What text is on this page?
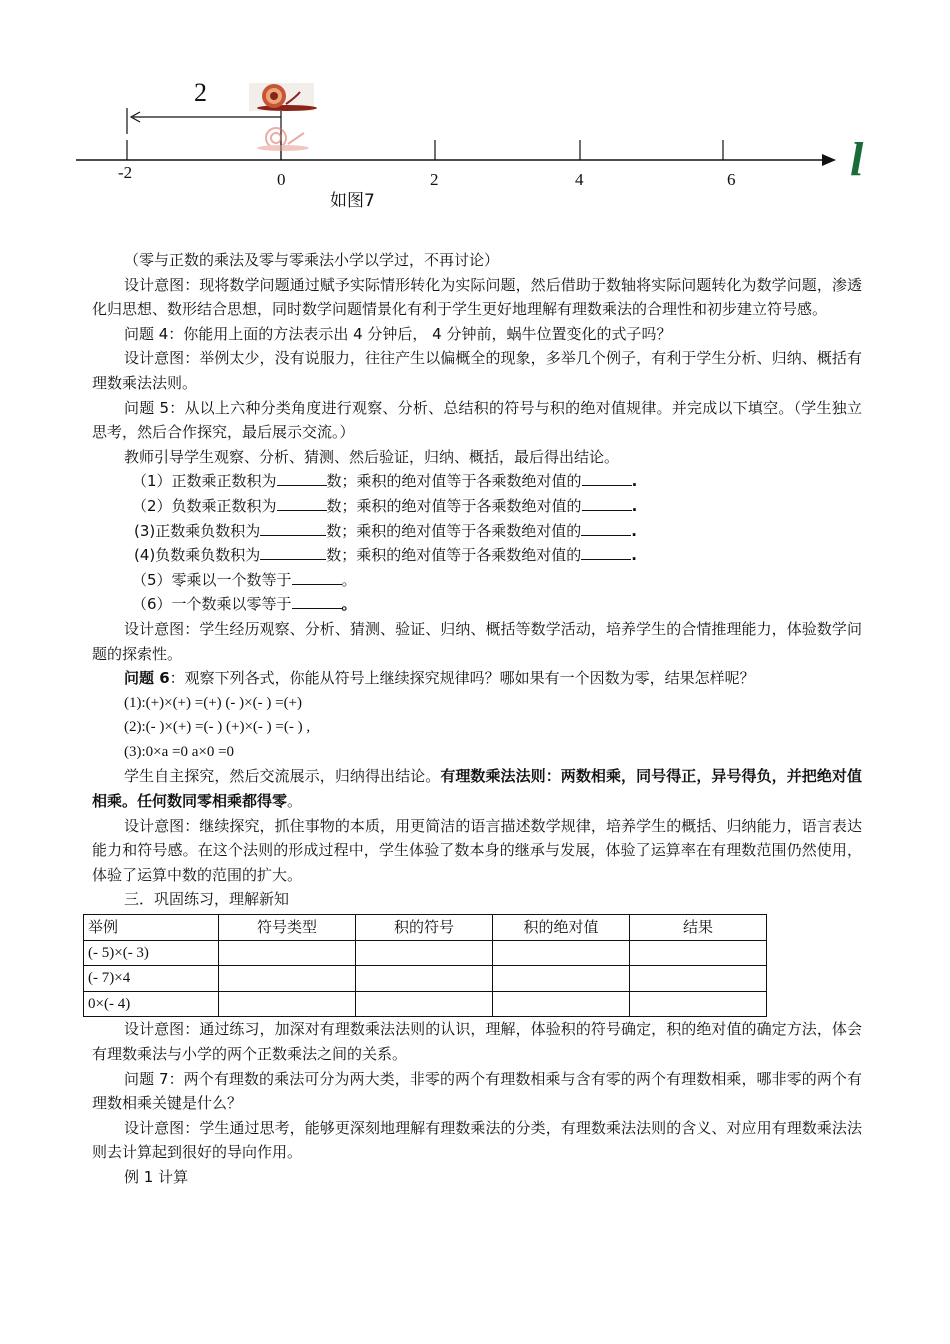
2
-2	0	2	4	6 l
如图7

（零与正数的乘法及零与零乘法小学以学过，不再讨论）

设计意图：现将数学问题通过赋予实际情形转化为实际问题，然后借助于数轴将实际问题转化为数学问题，渗透化归思想、数形结合思想，同时数学问题情景化有利于学生更好地理解有理数乘法的合理性和初步建立符号感。

问题 4：你能用上面的方法表示出 4 分钟后， 4 分钟前，蜗牛位置变化的式子吗？

设计意图：举例太少，没有说服力，往往产生以偏概全的现象，多举几个例子，有利于学生分析、归纳、概括有理数乘法法则。

问题 5：从以上六种分类角度进行观察、分析、总结积的符号与积的绝对值规律。并完成以下填空。（学生独立思考，然后合作探究，最后展示交流。）

教师引导学生观察、分析、猜测、然后验证，归纳、概括，最后得出结论。

（1）正数乘正数积为	数；乘积的绝对值等于各乘数绝对值的	.

（2）负数乘正数积为	数；乘积的绝对值等于各乘数绝对值的	.

(3)正数乘负数积为	数；乘积的绝对值等于各乘数绝对值的	.

(4)负数乘负数积为	数；乘积的绝对值等于各乘数绝对值的	.

（5）零乘以一个数等于	。

（6）一个数乘以零等于	。

设计意图：学生经历观察、分析、猜测、验证、归纳、概括等数学活动，培养学生的合情推理能力，体验数学问题的探索性。

问题 6：观察下列各式，你能从符号上继续探究规律吗？哪如果有一个因数为零，结果怎样呢？

(1):(+)×(+) =(+) (- )×(- ) =(+)

(2):(- )×(+) =(- ) (+)×(- ) =(- ) ,

(3):0×a =0 a×0 =0

学生自主探究，然后交流展示，归纳得出结论。有理数乘法法则：两数相乘，同号得正，异号得负，并把绝对值相乘。任何数同零相乘都得零。

设计意图：继续探究，抓住事物的本质，用更简洁的语言描述数学规律，培养学生的概括、归纳能力，语言表达能力和符号感。在这个法则的形成过程中，学生体验了数本身的继承与发展，体验了运算率在有理数范围仍然使用，体验了运算中数的范围的扩大。

三．巩固练习，理解新知

举例	符号类型	积的符号	积的绝对值	结果
(- 5)×(- 3)				
(- 7)×4				
0×(- 4)				

设计意图：通过练习，加深对有理数乘法法则的认识，理解，体验积的符号确定，积的绝对值的确定方法，体会有理数乘法与小学的两个正数乘法之间的关系。

问题 7：两个有理数的乘法可分为两大类，非零的两个有理数相乘与含有零的两个有理数相乘，哪非零的两个有理数相乘关键是什么？

设计意图：学生通过思考，能够更深刻地理解有理数乘法的分类，有理数乘法法则的含义、对应用有理数乘法法则去计算起到很好的导向作用。

例 1 计算
